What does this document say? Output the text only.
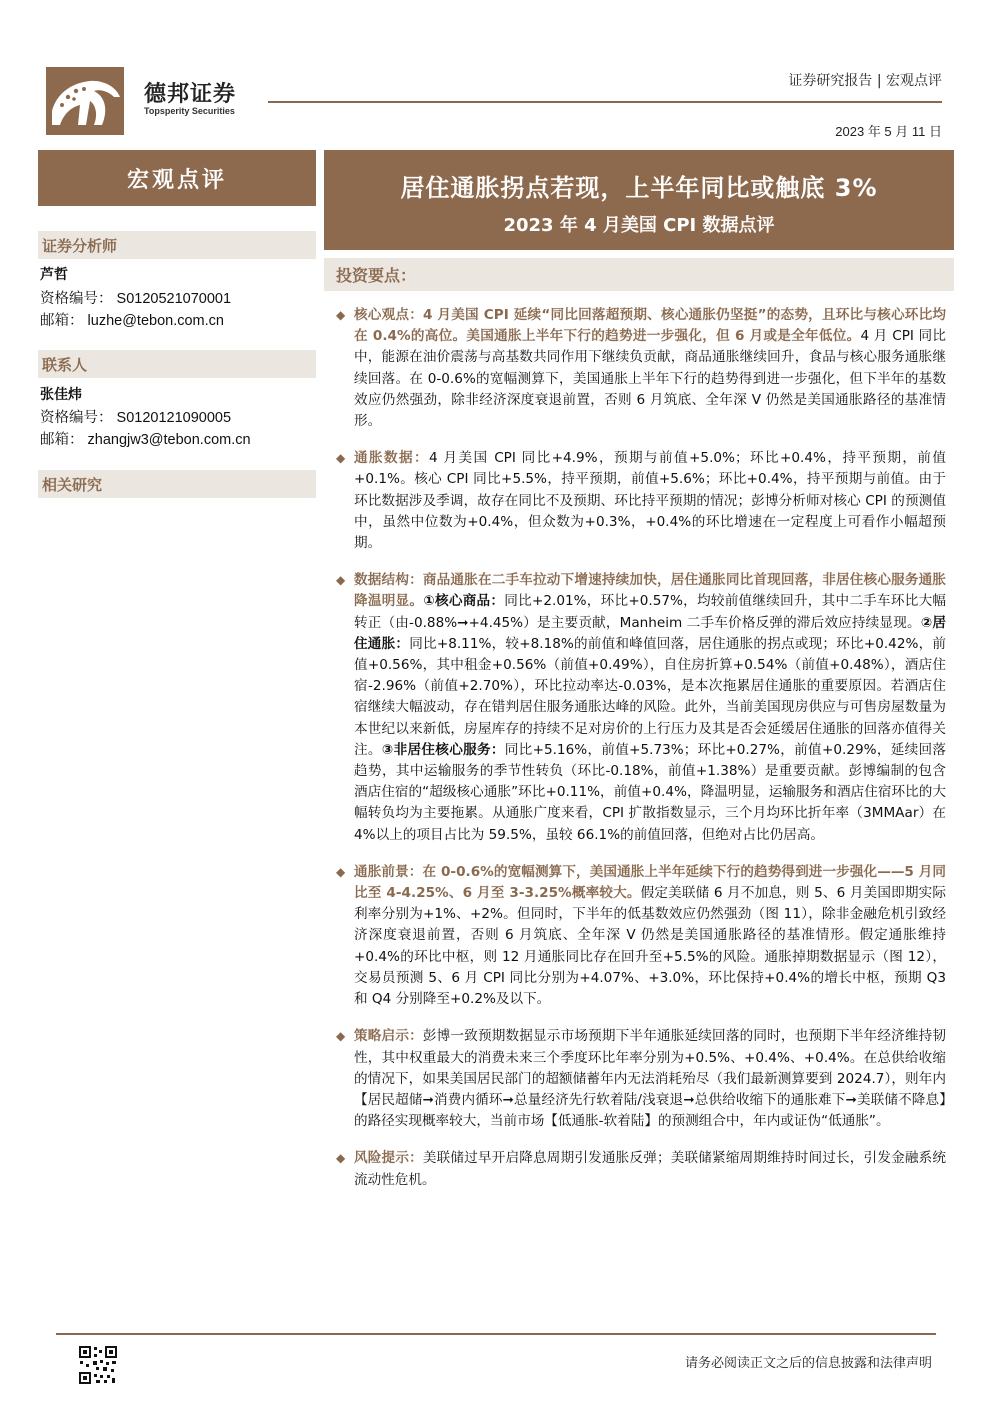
德邦证券
Topsperity Securities
证券研究报告 | 宏观点评
2023 年 5 月 11 日
宏观点评	居住通胀拐点若现，上半年同比或触底 3%
2023 年 4 月美国 CPI 数据点评
证券分析师
芦哲
资格编号： S0120521070001
邮箱： luzhe@tebon.com.cn
联系人
张佳炜
资格编号： S0120121090005
邮箱： zhangjw3@tebon.com.cn
相关研究
投资要点：
◆ 核心观点：4 月美国 CPI 延续“同比回落超预期、核心通胀仍坚挺”的态势，且环比与核心环比均在 0.4%的高位。美国通胀上半年下行的趋势进一步强化，但 6 月或是全年低位。4 月 CPI 同比中，能源在油价震荡与高基数共同作用下继续负贡献，商品通胀继续回升，食品与核心服务通胀继续回落。在 0-0.6%的宽幅测算下，美国通胀上半年下行的趋势得到进一步强化，但下半年的基数效应仍然强劲，除非经济深度衰退前置，否则 6 月筑底、全年深 V 仍然是美国通胀路径的基准情形。
◆ 通胀数据：4 月美国 CPI 同比+4.9%，预期与前值+5.0%；环比+0.4%，持平预期，前值+0.1%。核心 CPI 同比+5.5%，持平预期，前值+5.6%；环比+0.4%，持平预期与前值。由于环比数据涉及季调，故存在同比不及预期、环比持平预期的情况；彭博分析师对核心 CPI 的预测值中，虽然中位数为+0.4%，但众数为+0.3%，+0.4%的环比增速在一定程度上可看作小幅超预期。
◆ 数据结构：商品通胀在二手车拉动下增速持续加快，居住通胀同比首现回落，非居住核心服务通胀降温明显。①核心商品：同比+2.01%，环比+0.57%，均较前值继续回升，其中二手车环比大幅转正（由-0.88%➞+4.45%）是主要贡献，Manheim 二手车价格反弹的滞后效应持续显现。②居住通胀：同比+8.11%，较+8.18%的前值和峰值回落，居住通胀的拐点或现；环比+0.42%，前值+0.56%，其中租金+0.56%（前值+0.49%），自住房折算+0.54%（前值+0.48%），酒店住宿-2.96%（前值+2.70%），环比拉动率达-0.03%，是本次拖累居住通胀的重要原因。若酒店住宿继续大幅波动，存在错判居住服务通胀达峰的风险。此外，当前美国现房供应与可售房屋数量为本世纪以来新低，房屋库存的持续不足对房价的上行压力及其是否会延缓居住通胀的回落亦值得关注。③非居住核心服务：同比+5.16%，前值+5.73%；环比+0.27%，前值+0.29%，延续回落趋势，其中运输服务的季节性转负（环比-0.18%，前值+1.38%）是重要贡献。彭博编制的包含酒店住宿的“超级核心通胀”环比+0.11%，前值+0.4%，降温明显，运输服务和酒店住宿环比的大幅转负均为主要拖累。从通胀广度来看，CPI 扩散指数显示，三个月均环比折年率（3MMAar）在 4%以上的项目占比为 59.5%，虽较 66.1%的前值回落，但绝对占比仍居高。
◆ 通胀前景：在 0-0.6%的宽幅测算下，美国通胀上半年延续下行的趋势得到进一步强化——5 月同比至 4-4.25%、6 月至 3-3.25%概率较大。假定美联储 6 月不加息，则 5、6 月美国即期实际利率分别为+1%、+2%。但同时，下半年的低基数效应仍然强劲（图 11），除非金融危机引致经济深度衰退前置，否则 6 月筑底、全年深 V 仍然是美国通胀路径的基准情形。假定通胀维持+0.4%的环比中枢，则 12 月通胀同比存在回升至+5.5%的风险。通胀掉期数据显示（图 12），交易员预测 5、6 月 CPI 同比分别为+4.07%、+3.0%，环比保持+0.4%的增长中枢，预期 Q3 和 Q4 分别降至+0.2%及以下。
◆ 策略启示：彭博一致预期数据显示市场预期下半年通胀延续回落的同时，也预期下半年经济维持韧性，其中权重最大的消费未来三个季度环比年率分别为+0.5%、+0.4%、+0.4%。在总供给收缩的情况下，如果美国居民部门的超额储蓄年内无法消耗殆尽（我们最新测算要到 2024.7），则年内【居民超储➞消费内循环➞总量经济先行软着陆/浅衰退➞总供给收缩下的通胀难下➞美联储不降息】的路径实现概率较大，当前市场【低通胀-软着陆】的预测组合中，年内或证伪“低通胀”。
◆ 风险提示：美联储过早开启降息周期引发通胀反弹；美联储紧缩周期维持时间过长，引发金融系统流动性危机。
请务必阅读正文之后的信息披露和法律声明
